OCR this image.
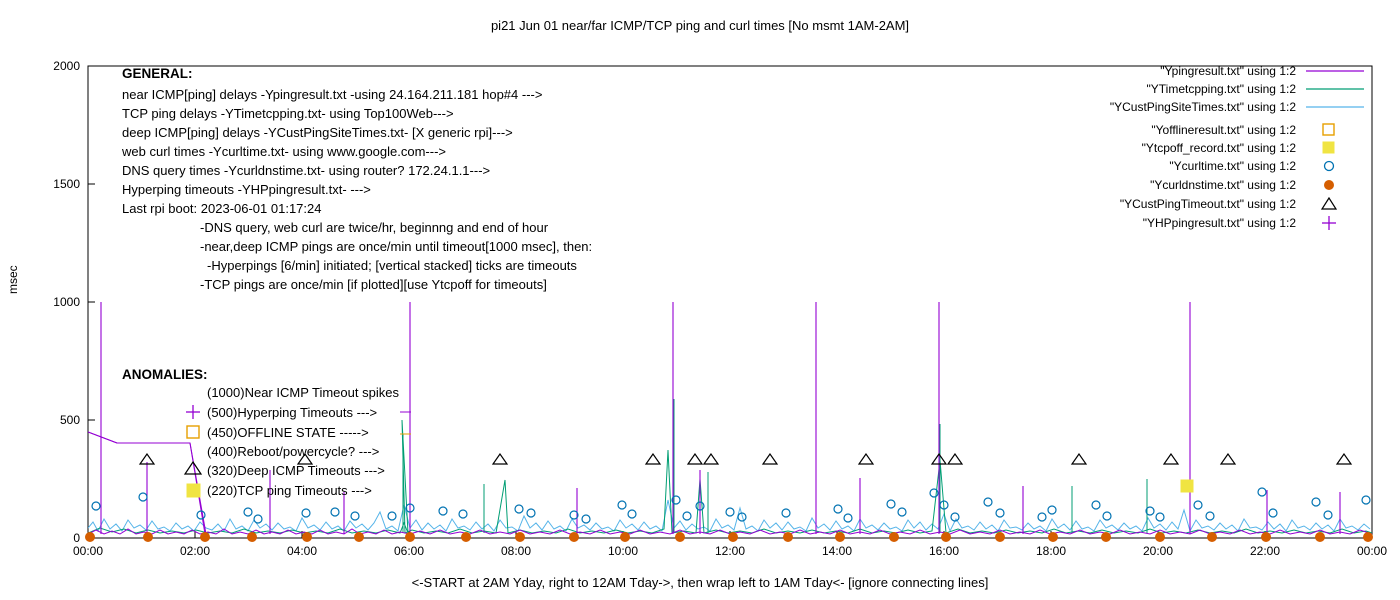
pi21 Jun 01 near/far ICMP/TCP ping and curl times [No msmt 1AM-2AM]
msec
<-START at 2AM Yday, right to 12AM Tday->, then wrap left to 1AM Tday<- [ignore connecting lines]
0
500
1000
1500
2000
00:00	02:00	04:00	06:00	08:00	10:00	12:00	14:00	16:00	18:00	20:00	22:00	00:00
"Ypingresult.txt" using 1:2
"YTimetcpping.txt" using 1:2
"YCustPingSiteTimes.txt" using 1:2
"Yofflineresult.txt" using 1:2
"Ytcpoff_record.txt" using 1:2
"Ycurltime.txt" using 1:2
"Ycurldnstime.txt" using 1:2
"YCustPingTimeout.txt" using 1:2
"YHPpingresult.txt" using 1:2
GENERAL:
near ICMP[ping] delays -Ypingresult.txt -using 24.164.211.181 hop#4 --->
TCP ping delays -YTimetcpping.txt- using Top100Web--->
deep ICMP[ping] delays -YCustPingSiteTimes.txt- [X generic rpi]--->
web curl times -Ycurltime.txt- using www.google.com--->
DNS query times -Ycurldnstime.txt- using router? 172.24.1.1--->
Hyperping timeouts -YHPpingresult.txt- --->
Last rpi boot: 2023-06-01 01:17:24
-DNS query, web curl are twice/hr, beginnng and end of hour
-near,deep ICMP pings are once/min until timeout[1000 msec], then:
-Hyperpings [6/min] initiated; [vertical stacked] ticks are timeouts
-TCP pings are once/min [if plotted][use Ytcpoff for timeouts]
ANOMALIES:
(1000)Near ICMP Timeout spikes
(500)Hyperping Timeouts --->
(450)OFFLINE STATE ----->
(400)Reboot/powercycle? --->
(320)Deep ICMP Timeouts --->
(220)TCP ping Timeouts --->
